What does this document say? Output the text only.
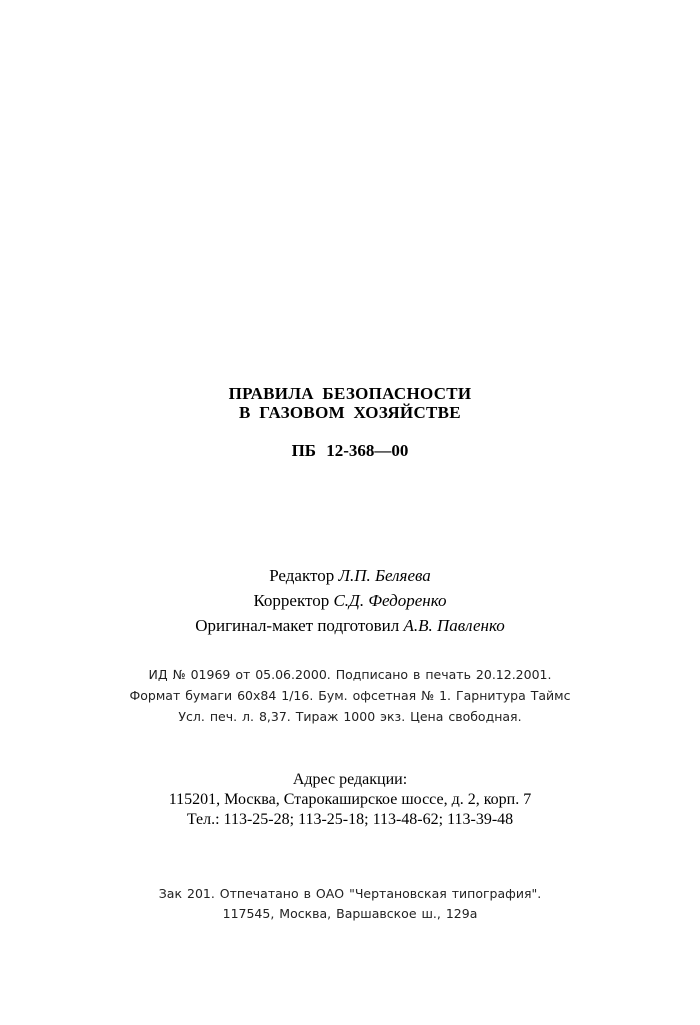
ПРАВИЛА БЕЗОПАСНОСТИ
В ГАЗОВОМ ХОЗЯЙСТВЕ
ПБ 12-368—00
Редактор Л.П. Беляева
Корректор С.Д. Федоренко
Оригинал-макет подготовил А.В. Павленко
ИД № 01969 от 05.06.2000. Подписано в печать 20.12.2001.
Формат бумаги 60x84 1/16. Бум. офсетная № 1. Гарнитура Таймс
Усл. печ. л. 8,37. Тираж 1000 экз. Цена свободная.
Адрес редакции:
115201, Москва, Старокаширское шоссе, д. 2, корп. 7
Тел.: 113-25-28; 113-25-18; 113-48-62; 113-39-48
Зак 201. Отпечатано в ОАО "Чертановская типография".
117545, Москва, Варшавское ш., 129а
